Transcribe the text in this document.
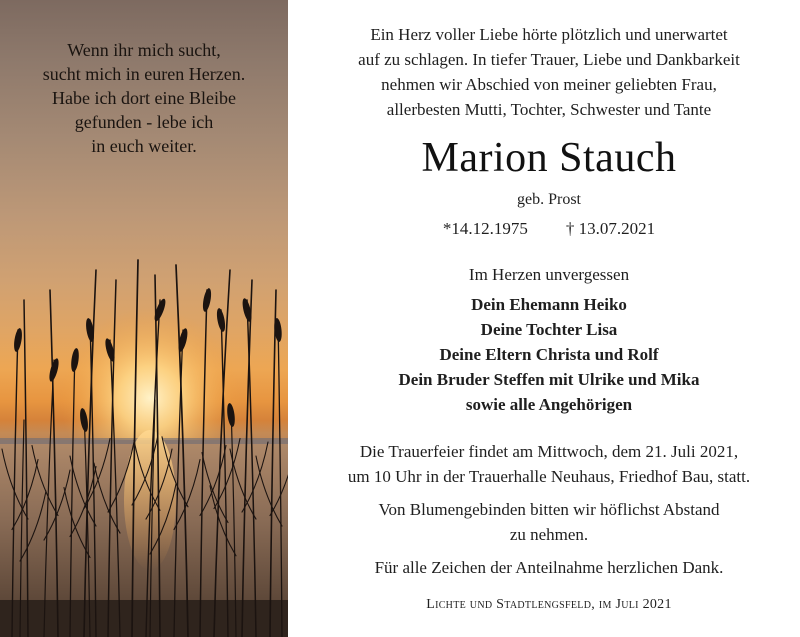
Wenn ihr mich sucht,
sucht mich in euren Herzen.
Habe ich dort eine Bleibe
gefunden - lebe ich
in euch weiter.

Ein Herz voller Liebe hörte plötzlich und unerwartet
auf zu schlagen. In tiefer Trauer, Liebe und Dankbarkeit
nehmen wir Abschied von meiner geliebten Frau,
allerbesten Mutti, Tochter, Schwester und Tante

Marion Stauch

geb. Prost

*14.12.1975 † 13.07.2021

Im Herzen unvergessen

Dein Ehemann Heiko
Deine Tochter Lisa
Deine Eltern Christa und Rolf
Dein Bruder Steffen mit Ulrike und Mika
sowie alle Angehörigen

Die Trauerfeier findet am Mittwoch, dem 21. Juli 2021,
um 10 Uhr in der Trauerhalle Neuhaus, Friedhof Bau, statt.

Von Blumengebinden bitten wir höflichst Abstand
zu nehmen.

Für alle Zeichen der Anteilnahme herzlichen Dank.

Lichte und Stadtlengsfeld, im Juli 2021
